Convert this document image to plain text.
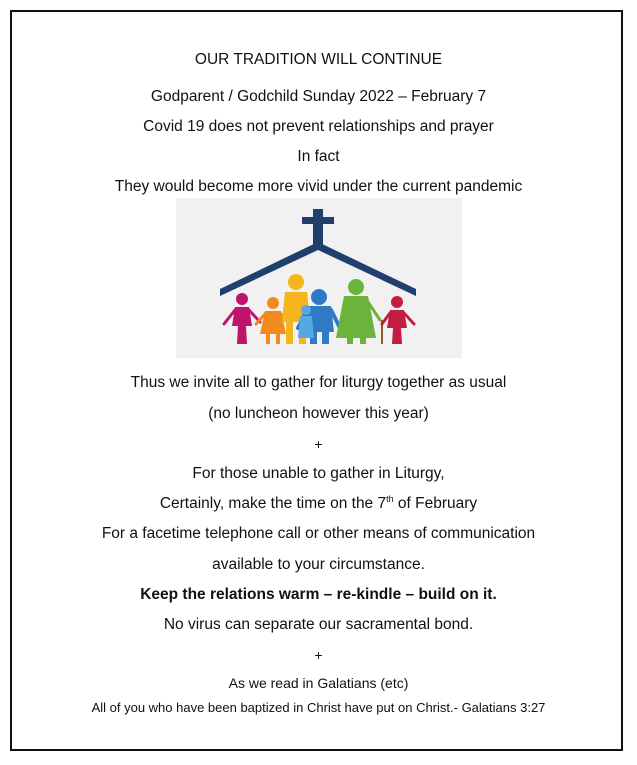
OUR TRADITION WILL CONTINUE
Godparent / Godchild Sunday 2022 – February 7
Covid 19 does not prevent relationships and prayer
In fact
They would become more vivid under the current pandemic
Thus we invite all to gather for liturgy together as usual
(no luncheon however this year)
+
For those unable to gather in Liturgy,
Certainly, make the time on the 7th of February
For a facetime telephone call or other means of communication
available to your circumstance.
Keep the relations warm – re-kindle – build on it.
No virus can separate our sacramental bond.
+
As we read in Galatians (etc)
All of you who have been baptized in Christ have put on Christ.- Galatians 3:27
